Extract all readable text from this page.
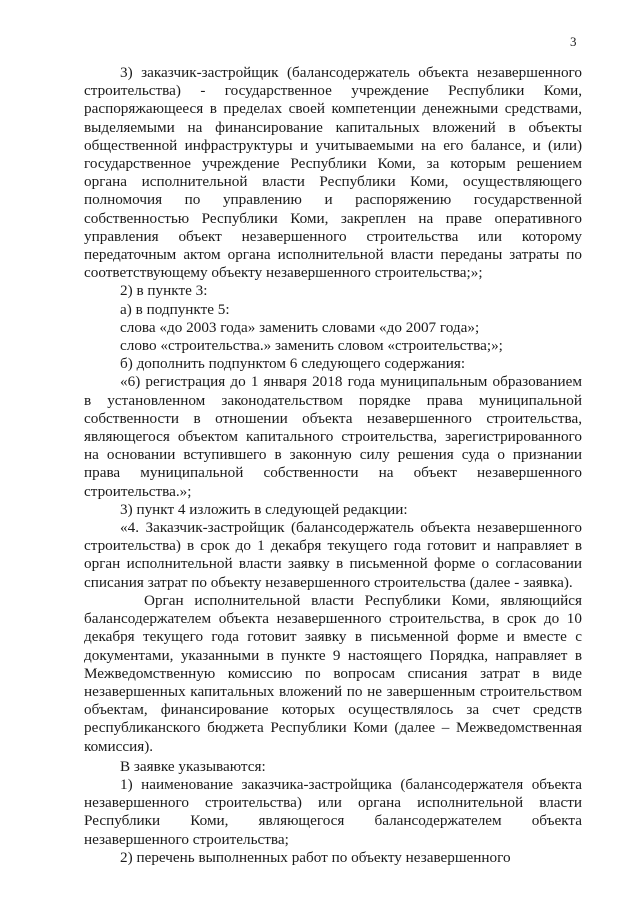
3

3) заказчик-застройщик (балансодержатель объекта незавершенного строительства) - государственное учреждение Республики Коми, распоряжающееся в пределах своей компетенции денежными средствами, выделяемыми на финансирование капитальных вложений в объекты общественной инфраструктуры и учитываемыми на его балансе, и (или) государственное учреждение Республики Коми, за которым решением органа исполнительной власти Республики Коми, осуществляющего полномочия по управлению и распоряжению государственной собственностью Республики Коми, закреплен на праве оперативного управления объект незавершенного строительства или которому передаточным актом органа исполнительной власти переданы затраты по соответствующему объекту незавершенного строительства;»;

2) в пункте 3:

а) в подпункте 5:

слова «до 2003 года» заменить словами «до 2007 года»;

слово «строительства.» заменить словом «строительства;»;

б) дополнить подпунктом 6 следующего содержания:

«6) регистрация до 1 января 2018 года муниципальным образованием в установленном законодательством порядке права муниципальной собственности в отношении объекта незавершенного строительства, являющегося объектом капитального строительства, зарегистрированного на основании вступившего в законную силу решения суда о признании права муниципальной собственности на объект незавершенного строительства.»;

3) пункт 4 изложить в следующей редакции:

«4. Заказчик-застройщик (балансодержатель объекта незавершенного строительства) в срок до 1 декабря текущего года готовит и направляет в орган исполнительной власти заявку в письменной форме о согласовании списания затрат по объекту незавершенного строительства (далее - заявка).

Орган исполнительной власти Республики Коми, являющийся балансодержателем объекта незавершенного строительства, в срок до 10 декабря текущего года готовит заявку в письменной форме и вместе с документами, указанными в пункте 9 настоящего Порядка, направляет в Межведомственную комиссию по вопросам списания затрат в виде незавершенных капитальных вложений по не завершенным строительством объектам, финансирование которых осуществлялось за счет средств республиканского бюджета Республики Коми (далее – Межведомственная комиссия).

В заявке указываются:

1) наименование заказчика-застройщика (балансодержателя объекта незавершенного строительства) или органа исполнительной власти Республики Коми, являющегося балансодержателем объекта незавершенного строительства;

2) перечень выполненных работ по объекту незавершенного
